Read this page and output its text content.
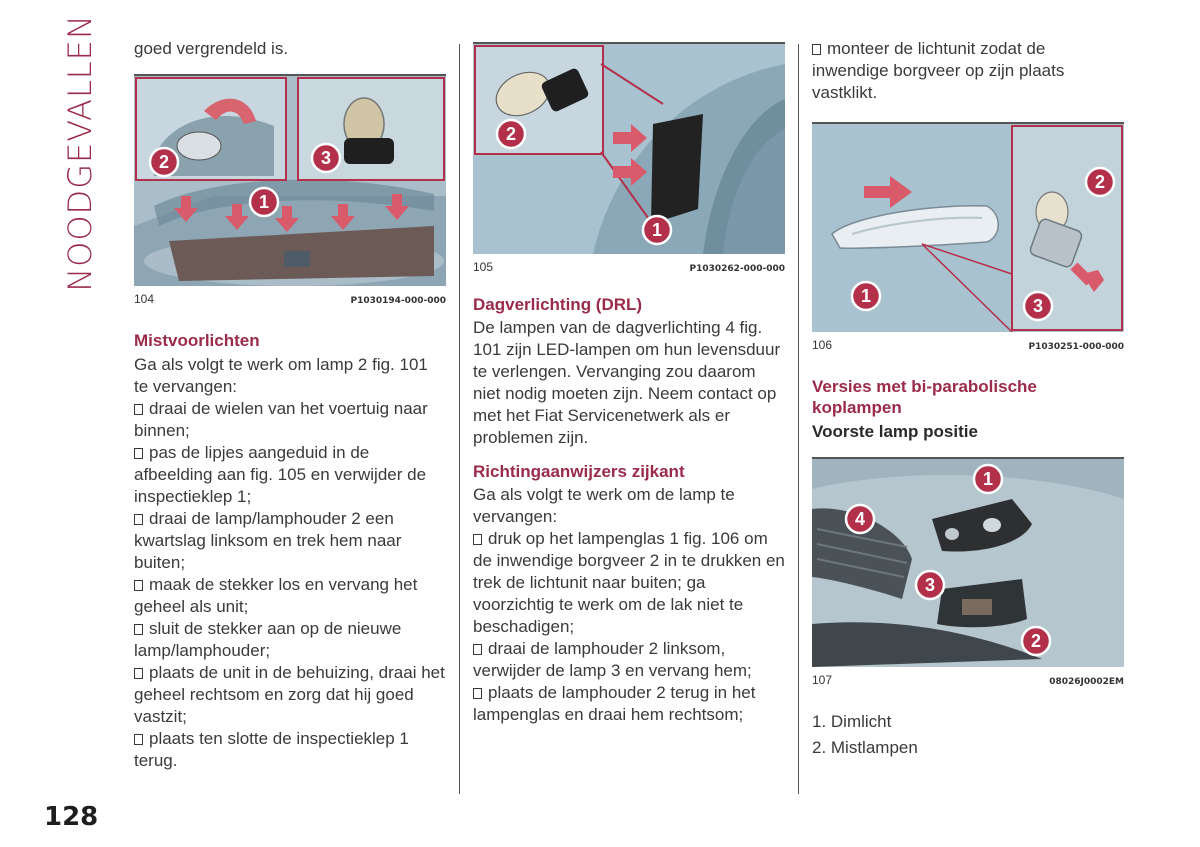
NOODGEVALLEN goed vergrendeld is.

2	3
1
104	P1030194-000-000
Mistvoorlichten

Ga als volgt te werk om lamp 2 fig. 101 te vervangen:

draai de wielen van het voertuig naar binnen;

pas de lipjes aangeduid in de afbeelding aan fig. 105 en verwijder de inspectieklep 1;

draai de lamp/lamphouder 2 een kwartslag linksom en trek hem naar buiten;

maak de stekker los en vervang het geheel als unit;

sluit de stekker aan op de nieuwe lamp/lamphouder;

plaats de unit in de behuizing, draai het geheel rechtsom en zorg dat hij goed vastzit;

plaats ten slotte de inspectieklep 1 terug.

2
1
105	P1030262-000-000
Dagverlichting (DRL)

De lampen van de dagverlichting 4 fig. 101 zijn LED-lampen om hun levensduur te verlengen. Vervanging zou daarom niet nodig moeten zijn. Neem contact op met het Fiat Servicenetwerk als er problemen zijn.

Richtingaanwijzers zijkant

Ga als volgt te werk om de lamp te vervangen:

druk op het lampenglas 1 fig. 106 om de inwendige borgveer 2 in te drukken en trek de lichtunit naar buiten; ga voorzichtig te werk om de lak niet te beschadigen;

draai de lamphouder 2 linksom, verwijder de lamp 3 en vervang hem;

plaats de lamphouder 2 terug in het lampenglas en draai hem rechtsom;

monteer de lichtunit zodat de inwendige borgveer op zijn plaats vastklikt.

2
3
1
106	P1030251-000-000
Versies met bi-parabolische koplampen
Voorste lamp positie
1
4
3
2
107	08026J0002EM
1. Dimlicht
2. Mistlampen
128
